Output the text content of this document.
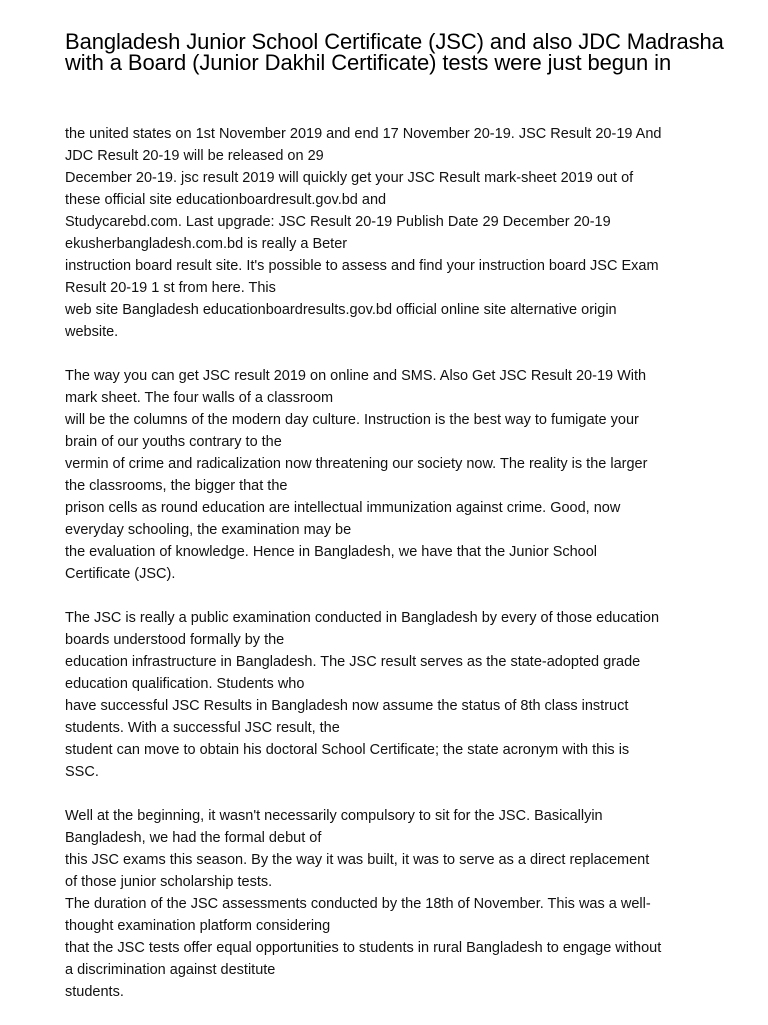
Bangladesh Junior School Certificate (JSC) and also JDC Madrasha with a Board (Junior Dakhil Certificate) tests were just begun in

the united states on 1st November 2019 and end 17 November 20-19. JSC Result 20-19 And
JDC Result 20-19 will be released on 29
December 20-19. jsc result 2019 will quickly get your JSC Result mark-sheet 2019 out of
these official site educationboardresult.gov.bd and
Studycarebd.com. Last upgrade: JSC Result 20-19 Publish Date 29 December 20-19
ekusherbangladesh.com.bd is really a Beter
instruction board result site. It's possible to assess and find your instruction board JSC Exam
Result 20-19 1 st from here. This
web site Bangladesh educationboardresults.gov.bd official online site alternative origin
website.

The way you can get JSC result 2019 on online and SMS. Also Get JSC Result 20-19 With
mark sheet. The four walls of a classroom
will be the columns of the modern day culture. Instruction is the best way to fumigate your
brain of our youths contrary to the
vermin of crime and radicalization now threatening our society now. The reality is the larger
the classrooms, the bigger that the
prison cells as round education are intellectual immunization against crime. Good, now
everyday schooling, the examination may be
the evaluation of knowledge. Hence in Bangladesh, we have that the Junior School
Certificate (JSC).

The JSC is really a public examination conducted in Bangladesh by every of those education
boards understood formally by the
education infrastructure in Bangladesh. The JSC result serves as the state-adopted grade
education qualification. Students who
have successful JSC Results in Bangladesh now assume the status of 8th class instruct
students. With a successful JSC result, the
student can move to obtain his doctoral School Certificate; the state acronym with this is
SSC.

Well at the beginning, it wasn't necessarily compulsory to sit for the JSC. Basicallyin
Bangladesh, we had the formal debut of
this JSC exams this season. By the way it was built, it was to serve as a direct replacement
of those junior scholarship tests.
The duration of the JSC assessments conducted by the 18th of November. This was a well-
thought examination platform considering
that the JSC tests offer equal opportunities to students in rural Bangladesh to engage without
a discrimination against destitute
students.
